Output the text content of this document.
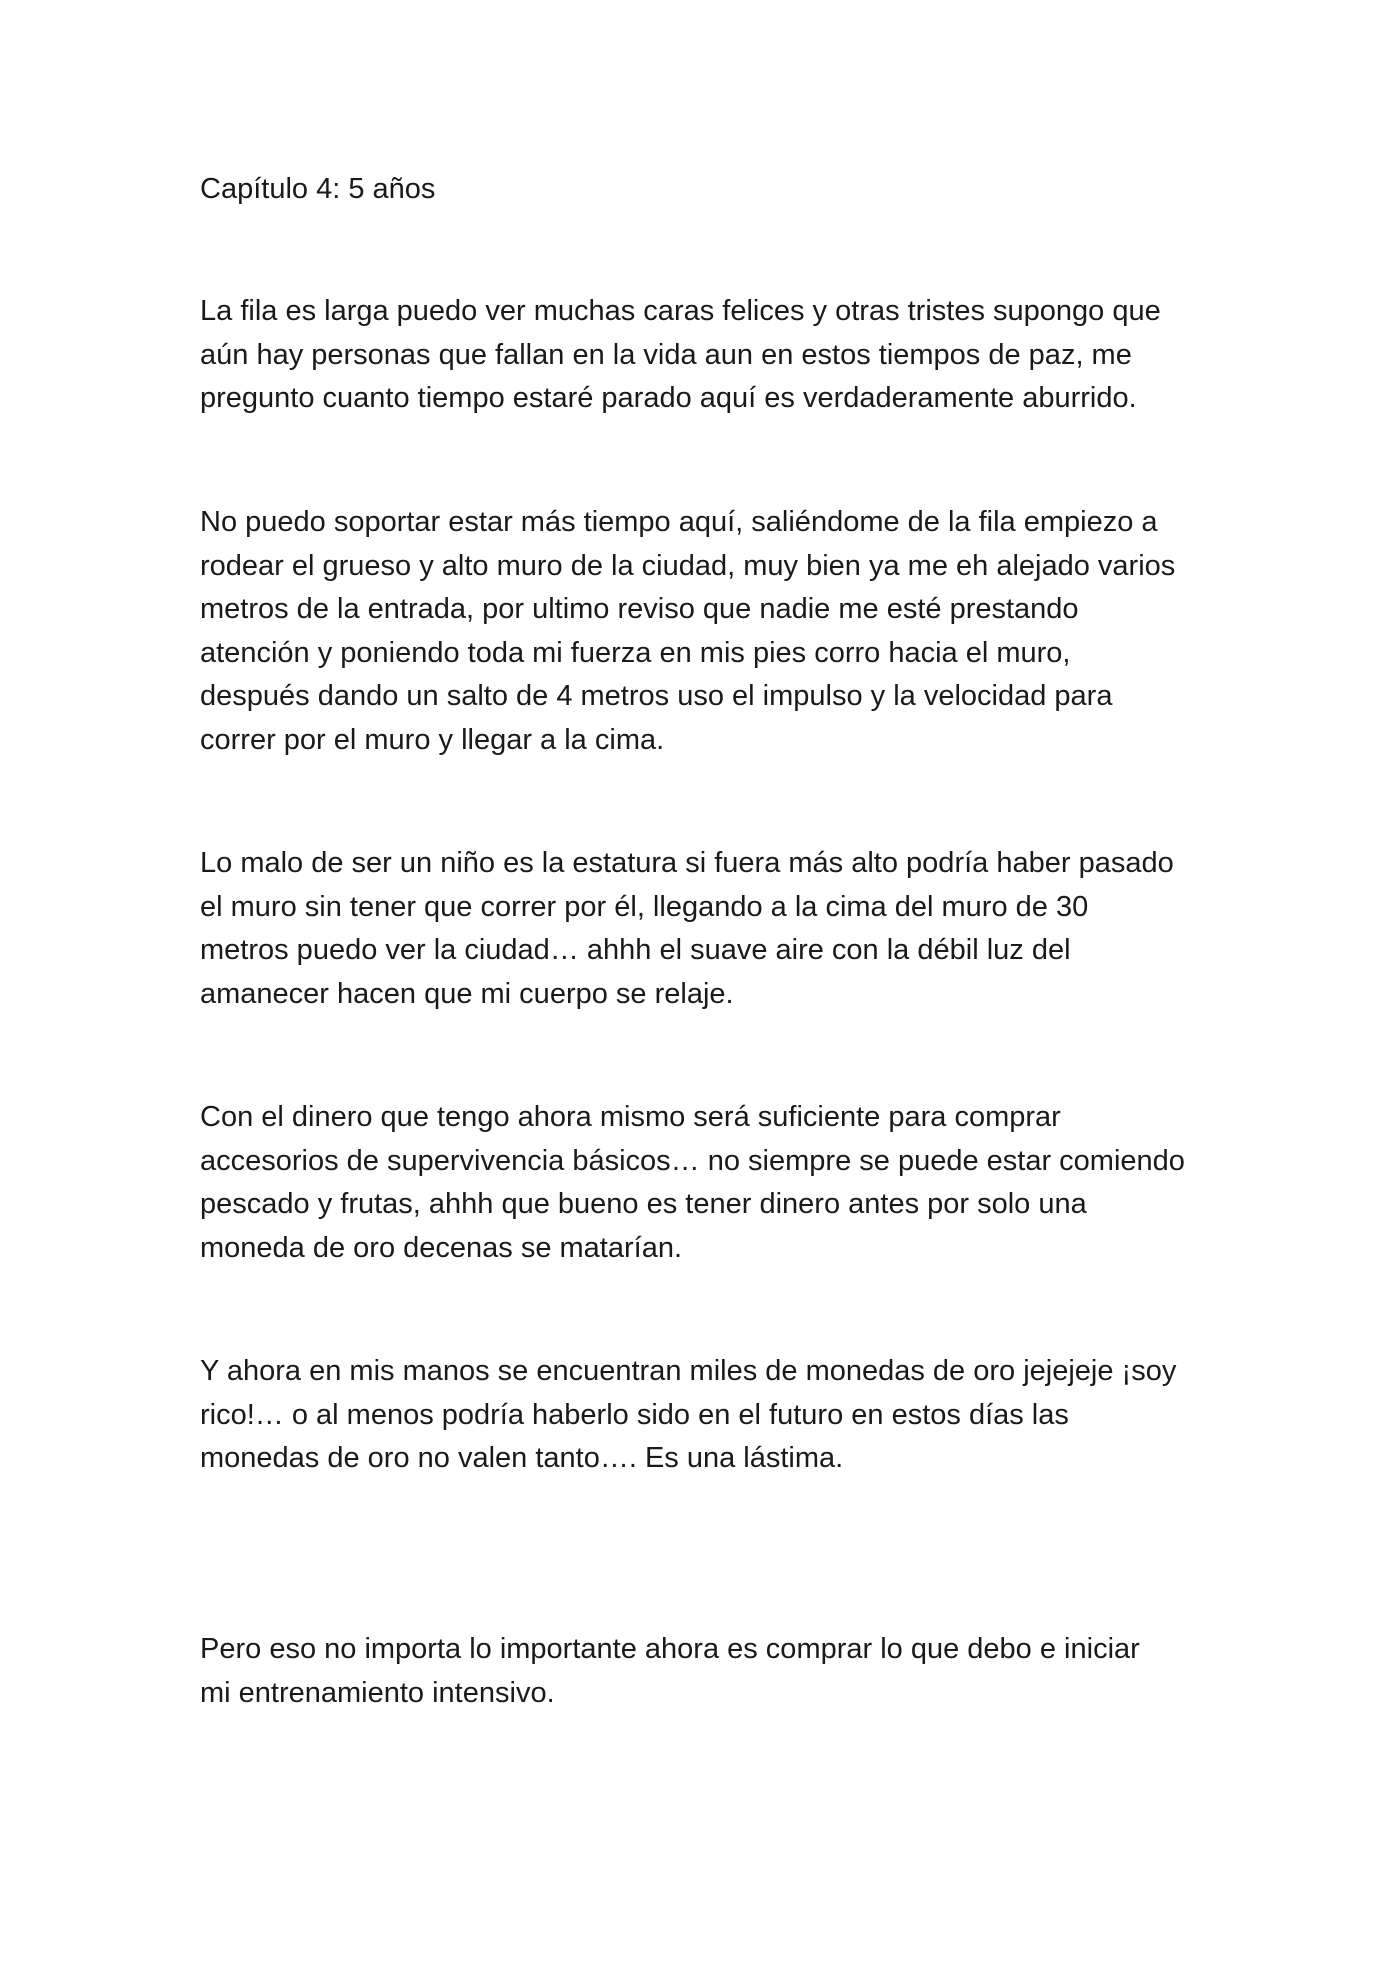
Capítulo 4: 5 años

La fila es larga puedo ver muchas caras felices y otras tristes supongo que
aún hay personas que fallan en la vida aun en estos tiempos de paz, me
pregunto cuanto tiempo estaré parado aquí es verdaderamente aburrido.

No puedo soportar estar más tiempo aquí, saliéndome de la fila empiezo a
rodear el grueso y alto muro de la ciudad, muy bien ya me eh alejado varios
metros de la entrada, por ultimo reviso que nadie me esté prestando
atención y poniendo toda mi fuerza en mis pies corro hacia el muro,
después dando un salto de 4 metros uso el impulso y la velocidad para
correr por el muro y llegar a la cima.

Lo malo de ser un niño es la estatura si fuera más alto podría haber pasado
el muro sin tener que correr por él, llegando a la cima del muro de 30
metros puedo ver la ciudad… ahhh el suave aire con la débil luz del
amanecer hacen que mi cuerpo se relaje.

Con el dinero que tengo ahora mismo será suficiente para comprar
accesorios de supervivencia básicos… no siempre se puede estar comiendo
pescado y frutas, ahhh que bueno es tener dinero antes por solo una
moneda de oro decenas se matarían.

Y ahora en mis manos se encuentran miles de monedas de oro jejejeje ¡soy
rico!… o al menos podría haberlo sido en el futuro en estos días las
monedas de oro no valen tanto…. Es una lástima.

Pero eso no importa lo importante ahora es comprar lo que debo e iniciar
mi entrenamiento intensivo.
